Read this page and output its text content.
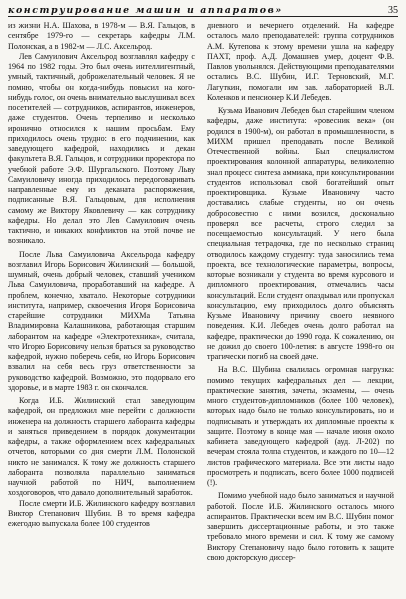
конструирование машин и аппаратов»	35

из жизни Н.А. Шахова, в 1978-м — В.Я. Гальцов, в сентябре 1979-го — секретарь кафедры Л.М. Полонская, а в 1982-м — Л.С. Аксельрод.

Лев Самуилович Аксельрод возглавлял кафедру с 1964 по 1982 годы. Это был очень интеллигентный, умный, тактичный, доброжелательный человек. Я не помню, чтобы он когда-нибудь повысил на кого-нибудь голос, он очень внимательно выслушивал всех посетителей — сотрудников, аспирантов, инженеров, даже студентов. Очень терпеливо и несколько иронично относился к нашим просьбам. Ему приходилось очень трудно: в его подчинении, как заведующего кафедрой, находились и декан факультета В.Я. Гальцов, и сотрудники проректора по учебной работе Э.Ф. Шургальского. Поэтому Льву Самуиловичу иногда приходилось передоговаривать направленные ему из деканата распоряжения, подписанные В.Я. Гальцовым, для исполнения самому же Виктору Яковлевичу — как сотруднику кафедры. Но делал это Лев Самуилович очень тактично, и никаких конфликтов на этой почве не возникало.

После Льва Самуиловича Аксельрода кафедру возглавил Игорь Борисович Жилинский — большой, шумный, очень добрый человек, ставший учеником Льва Самуиловича, проработавший на кафедре. А проблем, конечно, хватало. Некоторые сотрудники института, например, сквоечения Игоря Борисовича старейшие сотрудники МИХМа Татьяна Владимировна Калашникова, работающая старшим лаборантом на кафедре «Электротехника», считала, что Игорю Борисовичу нельзя браться за руководство кафедрой, нужно поберечь себя, но Игорь Борисович взвалил на себя весь груз ответственности за руководство кафедрой. Возможно, это подорвало его здоровье, и в марте 1983 г. он скончался.

Когда И.Б. Жилинский стал заведующим кафедрой, он предложил мне перейти с должности инженера на должность старшего лаборанта кафедры и заняться приведением в порядок документации кафедры, а также оформлением всех кафедральных отчетов, которыми со дня смерти Л.М. Полонской никто не занимался. К тому же должность старшего лаборанта позволяла параллельно заниматься научной работой по НИЧ, выполнением хоздоговоров, что давало дополнительный заработок.

После смерти И.Б. Жилинского кафедру возглавил Виктор Степанович Шубин. В то время кафедра ежегодно выпускала более 100 студентов

дневного и вечернего отделений. На кафедре осталось мало преподавателей: группа сотрудников А.М. Кутепова к этому времени ушла на кафедру ПАХТ, проф. А.Д. Домашнев умер, доцент Ф.В. Павлов увольнялся. Действующими преподавателями остались В.С. Шубин, И.Г. Терновский, М.Г. Лагуткин, помогали им зав. лабораторией В.Л. Коленков и пенсионер К.И Лебедев.

Кузьма Иванович Лебедев был старейшим членом кафедры, даже институтa: «ровесник века» (он родился в 1900-м), он работал в промышленности, в МИХМ пришел преподавать после Великой Отечественной войны. Был специалистом проектирования колонной аппаратуры, великолепно знал процесс синтеза аммиака, при консультировании студентов использовал свой богатейший опыт проектировщика. Кузьме Ивановичу часто доставались слабые студенты, но он очень добросовестно с ними возился, досконально проверял все расчеты, строго следил за посещаемостью консультаций. У него была специальная тетрадочка, где по несколько страниц отводилось каждому студенту: туда заносились тема проекта, все технологические параметры, вопросы, которые возникали у студента во время курсового и дипломного проектирования, отмечались часы консультаций. Если студент опаздывал или пропускал консультацию, ему приходилось долго объяснять Кузьме Ивановичу причину своего неявного поведения. К.И. Лебедев очень долго работал на кафедре, практически до 1990 года. К сожалению, он не дожил до своего 100-летия: в августе 1998-го он трагически погиб на своей даче.

На В.С. Шубина свалилась огромная нагрузка: помимо текущих кафедральных дел — лекции, практические занятия, зачеты, экзамены, — очень много студентов-дипломников (более 100 человек), которых надо было не только консультировать, но и подписывать и утверждать их дипломные проекты к защите. Поэтому в конце мая — начале июня около кабинета заведующего кафедрой (ауд. Л-202) по вечерам стояла толпа студентов, и каждого по 10—12 листов графического материала. Все эти листы надо просмотреть и подписать, всего более 1000 подписей (!).

Помимо учебной надо было заниматься и научной работой. После И.Б. Жилинского осталось много аспирантов. Практически всем им В.С. Шубин помог завершить диссертационные работы, и это также требовало много времени и сил. К тому же самому Виктору Степановичу надо было готовить к защите свою докторскую диссер-
